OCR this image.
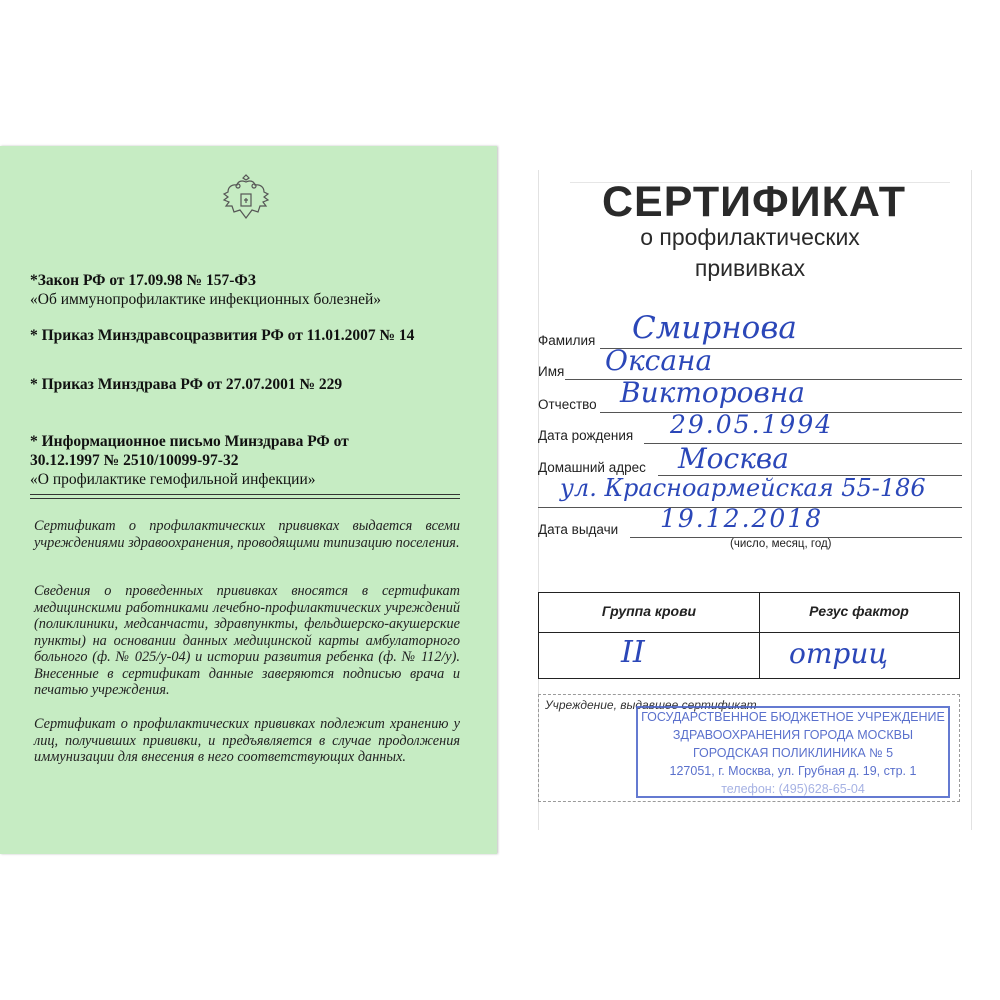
*Закон РФ от 17.09.98 № 157-ФЗ
«Об иммунопрофилактике инфекционных болезней»
* Приказ Минздравсоцразвития РФ от 11.01.2007 № 14
* Приказ Минздрава РФ от 27.07.2001 № 229
* Информационное письмо Минздрава РФ от
30.12.1997 № 2510/10099-97-32
«О профилактике гемофильной инфекции»
Сертификат о профилактических прививках выдается всеми учреждениями здравоохранения, проводящими типизацию поселения.
Сведения о проведенных прививках вносятся в сертификат медицинскими работниками лечебно-профилактических учреждений (поликлиники, медсанчасти, здравпункты, фельдшерско-акушерские пункты) на основании данных медицинской карты амбулаторного больного (ф. № 025/у-04) и истории развития ребенка (ф. № 112/у). Внесенные в сертификат данные заверяются подписью врача и печатью учреждения.
Сертификат о профилактических прививках подлежит хранению у лиц, получивших прививки, и предъявляется в случае продолжения иммунизации для внесения в него соответствующих данных.
СЕРТИФИКАТ
о профилактических
прививках
Фамилия Смирнова
Имя Оксана
Отчество Викторовна
Дата рождения 29.05.1994
Домашний адрес Москва
ул. Красноармейская 55-186
Дата выдачи 19.12.2018
(число, месяц, год)
Группа крови	Резус фактор
II	отриц
Учреждение, выдавшее сертификат
ГОСУДАРСТВЕННОЕ БЮДЖЕТНОЕ УЧРЕЖДЕНИЕ
ЗДРАВООХРАНЕНИЯ ГОРОДА МОСКВЫ
ГОРОДСКАЯ ПОЛИКЛИНИКА № 5
127051, г. Москва, ул. Грубная д. 19, стр. 1
телефон: (495)628-65-04
